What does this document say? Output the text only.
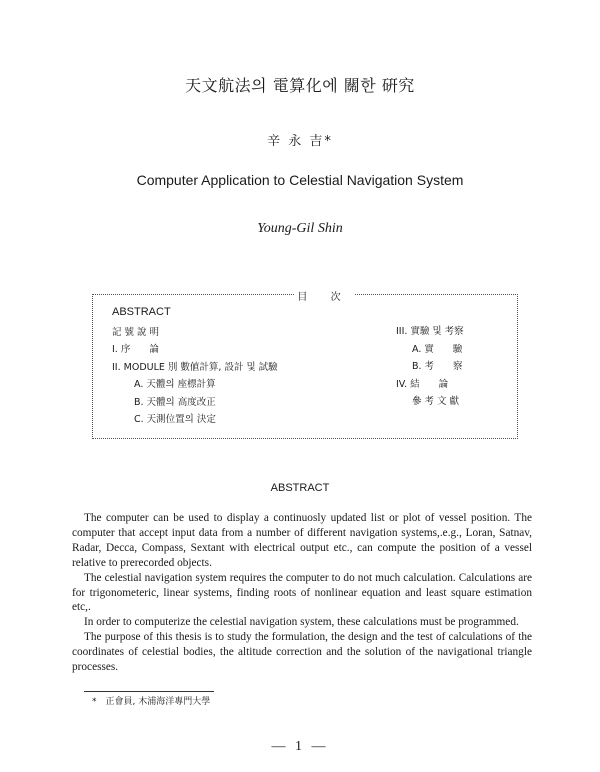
天文航法의 電算化에 關한 硏究
辛 永 吉*
Computer Application to Celestial Navigation System
Young-Gil Shin
目 次
ABSTRACT
記 號 說 明
I. 序　　論
II. MODULE 別 數値計算, 設計 및 試驗
A. 天體의 座標計算
B. 天體의 高度改正
C. 天測位置의 決定
III. 實驗 및 考察
A. 實　　驗
B. 考　　察
IV. 結　　論
參 考 文 獻
ABSTRACT

The computer can be used to display a continuosly updated list or plot of vessel position. The computer that accept input data from a number of different navigation systems,.e.g., Loran, Satnav, Radar, Decca, Compass, Sextant with electrical output etc., can compute the position of a vessel relative to prerecorded objects.

The celestial navigation system requires the computer to do not much calculation. Calculations are for trigonometeric, linear systems, finding roots of nonlinear equation and least square estimation etc,.

In order to computerize the celestial navigation system, these calculations must be programmed.

The purpose of this thesis is to study the formulation, the design and the test of calculations of the coordinates of celestial bodies, the altitude correction and the solution of the navigational triangle processes.

*　正會員, 木浦海洋專門大學
— 1 —
